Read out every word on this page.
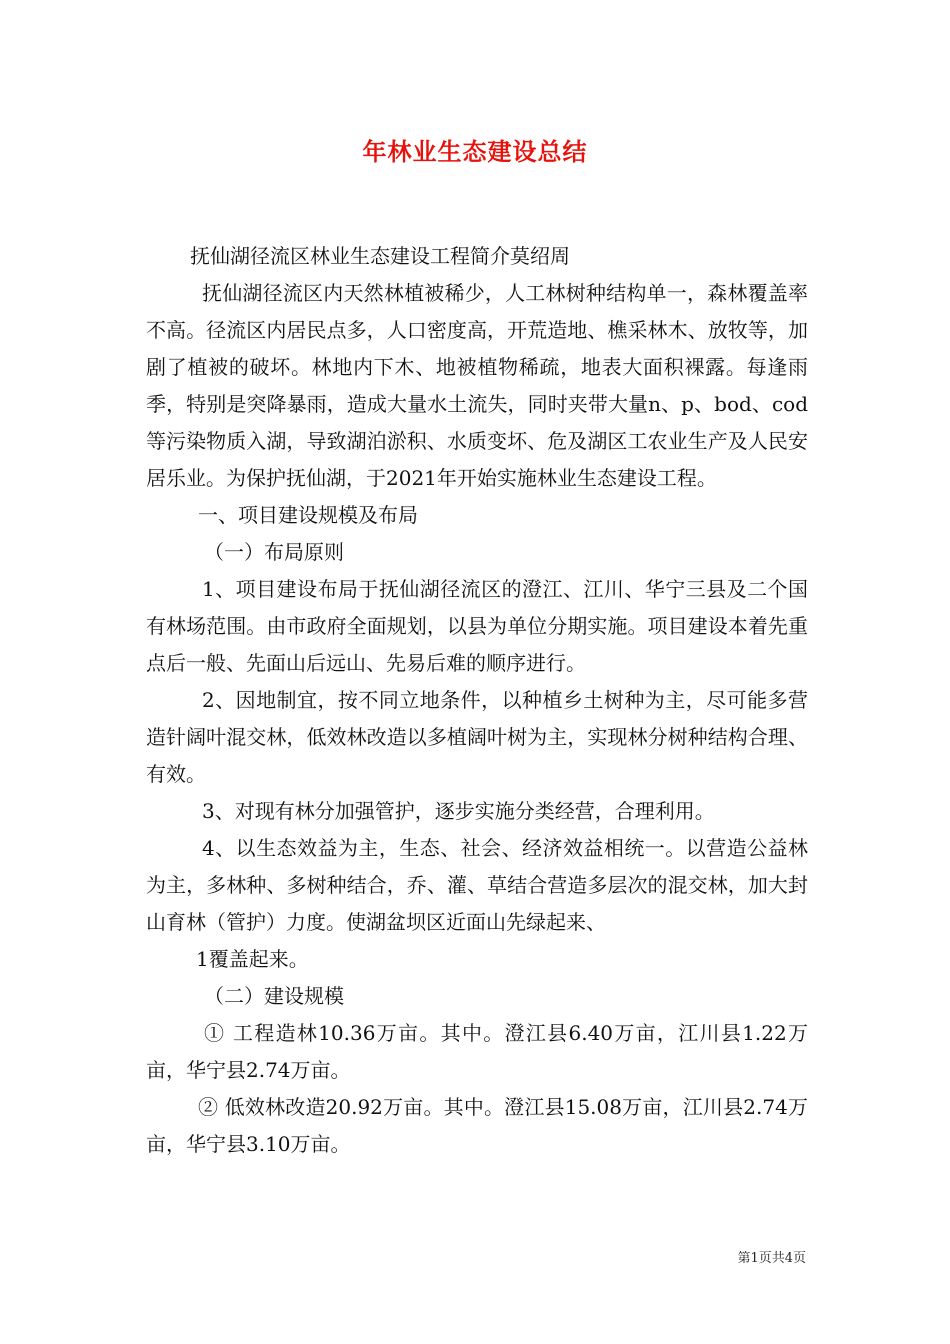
年林业生态建设总结

抚仙湖径流区林业生态建设工程简介莫绍周

抚仙湖径流区内天然林植被稀少，人工林树种结构单一，森林覆盖率不高。径流区内居民点多，人口密度高，开荒造地、樵采林木、放牧等，加剧了植被的破坏。林地内下木、地被植物稀疏，地表大面积裸露。每逢雨季，特别是突降暴雨，造成大量水土流失，同时夹带大量n、p、bod、cod等污染物质入湖，导致湖泊淤积、水质变坏、危及湖区工农业生产及人民安居乐业。为保护抚仙湖，于2021年开始实施林业生态建设工程。

一、项目建设规模及布局

（一）布局原则

1、项目建设布局于抚仙湖径流区的澄江、江川、华宁三县及二个国有林场范围。由市政府全面规划，以县为单位分期实施。项目建设本着先重点后一般、先面山后远山、先易后难的顺序进行。

2、因地制宜，按不同立地条件，以种植乡土树种为主，尽可能多营造针阔叶混交林，低效林改造以多植阔叶树为主，实现林分树种结构合理、有效。

3、对现有林分加强管护，逐步实施分类经营，合理利用。

4、以生态效益为主，生态、社会、经济效益相统一。以营造公益林为主，多林种、多树种结合，乔、灌、草结合营造多层次的混交林，加大封山育林（管护）力度。使湖盆坝区近面山先绿起来、

1覆盖起来。

（二）建设规模

① 工程造林10.36万亩。其中。澄江县6.40万亩，江川县1.22万亩，华宁县2.74万亩。

② 低效林改造20.92万亩。其中。澄江县15.08万亩，江川县2.74万亩，华宁县3.10万亩。

第1页共4页
